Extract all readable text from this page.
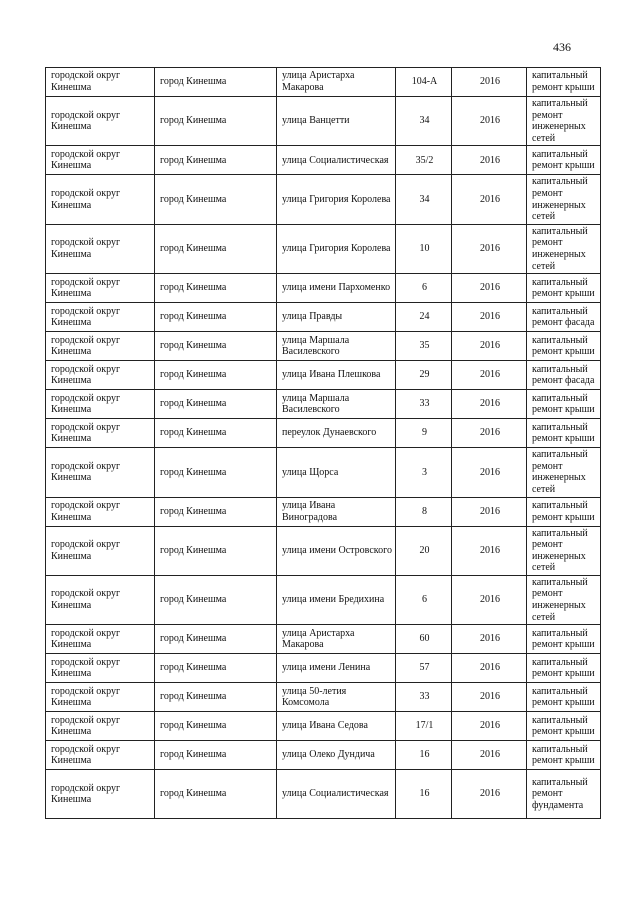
436
городской округ Кинешма	город Кинешма	улица Аристарха Макарова	104-А	2016	капитальный ремонт крыши
городской округ Кинешма	город Кинешма	улица Ванцетти	34	2016	капитальный ремонт инженерных сетей
городской округ Кинешма	город Кинешма	улица Социалистическая	35/2	2016	капитальный ремонт крыши
городской округ Кинешма	город Кинешма	улица Григория Королева	34	2016	капитальный ремонт инженерных сетей
городской округ Кинешма	город Кинешма	улица Григория Королева	10	2016	капитальный ремонт инженерных сетей
городской округ Кинешма	город Кинешма	улица имени Пархоменко	6	2016	капитальный ремонт крыши
городской округ Кинешма	город Кинешма	улица Правды	24	2016	капитальный ремонт фасада
городской округ Кинешма	город Кинешма	улица Маршала Василевского	35	2016	капитальный ремонт крыши
городской округ Кинешма	город Кинешма	улица Ивана Плешкова	29	2016	капитальный ремонт фасада
городской округ Кинешма	город Кинешма	улица Маршала Василевского	33	2016	капитальный ремонт крыши
городской округ Кинешма	город Кинешма	переулок Дунаевского	9	2016	капитальный ремонт крыши
городской округ Кинешма	город Кинешма	улица Щорса	3	2016	капитальный ремонт инженерных сетей
городской округ Кинешма	город Кинешма	улица Ивана Виноградова	8	2016	капитальный ремонт крыши
городской округ Кинешма	город Кинешма	улица имени Островского	20	2016	капитальный ремонт инженерных сетей
городской округ Кинешма	город Кинешма	улица имени Бредихина	6	2016	капитальный ремонт инженерных сетей
городской округ Кинешма	город Кинешма	улица Аристарха Макарова	60	2016	капитальный ремонт крыши
городской округ Кинешма	город Кинешма	улица имени Ленина	57	2016	капитальный ремонт крыши
городской округ Кинешма	город Кинешма	улица 50-летия Комсомола	33	2016	капитальный ремонт крыши
городской округ Кинешма	город Кинешма	улица Ивана Седова	17/1	2016	капитальный ремонт крыши
городской округ Кинешма	город Кинешма	улица Олеко Дундича	16	2016	капитальный ремонт крыши
городской округ Кинешма	город Кинешма	улица Социалистическая	16	2016	капитальный ремонт фундамента
